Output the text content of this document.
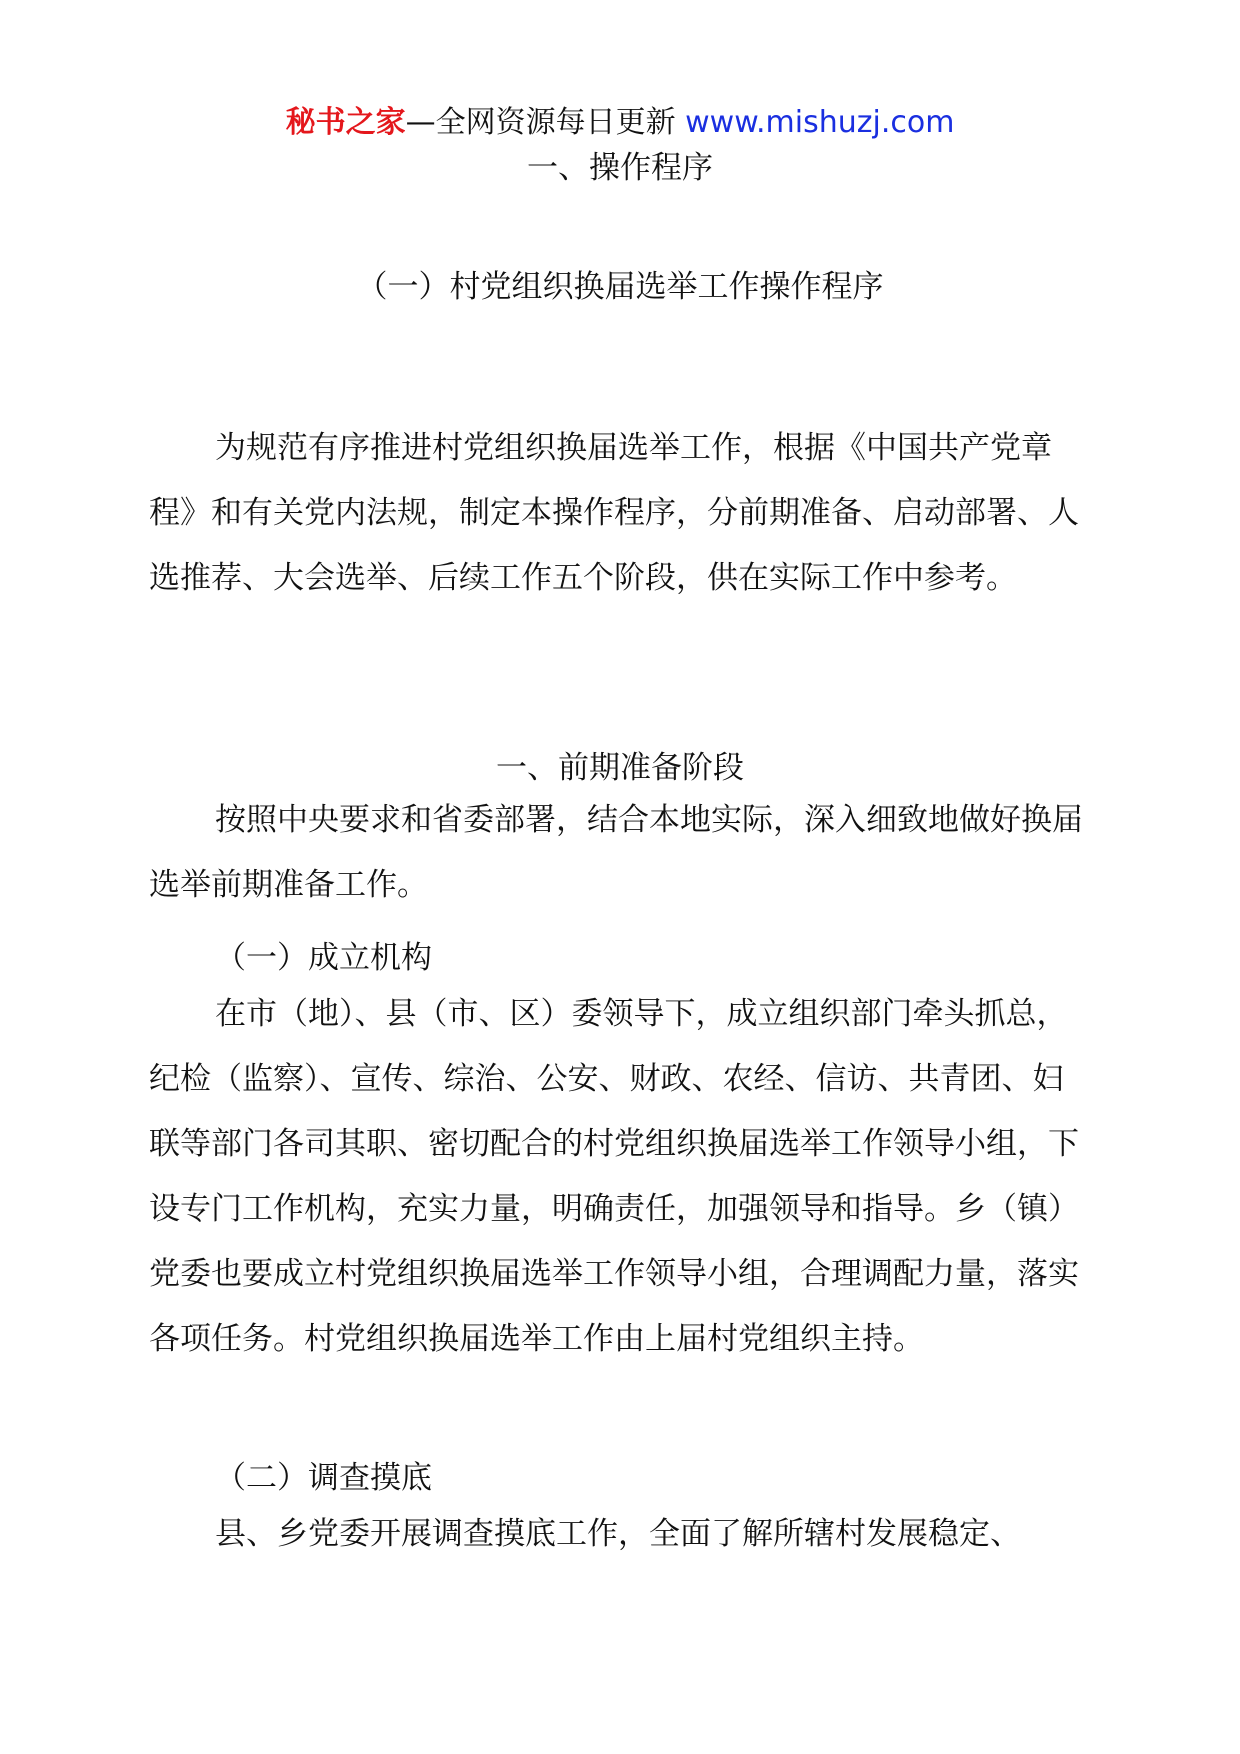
秘书之家—全网资源每日更新 www.mishuzj.com
一、操作程序
（一）村党组织换届选举工作操作程序
为规范有序推进村党组织换届选举工作，根据《中国共产党章程》和有关党内法规，制定本操作程序，分前期准备、启动部署、人选推荐、大会选举、后续工作五个阶段，供在实际工作中参考。
一、前期准备阶段
按照中央要求和省委部署，结合本地实际，深入细致地做好换届选举前期准备工作。
（一）成立机构
在市（地）、县（市、区）委领导下，成立组织部门牵头抓总，纪检（监察）、宣传、综治、公安、财政、农经、信访、共青团、妇联等部门各司其职、密切配合的村党组织换届选举工作领导小组，下设专门工作机构，充实力量，明确责任，加强领导和指导。乡（镇）党委也要成立村党组织换届选举工作领导小组，合理调配力量，落实各项任务。村党组织换届选举工作由上届村党组织主持。
（二）调查摸底
县、乡党委开展调查摸底工作，全面了解所辖村发展稳定、
